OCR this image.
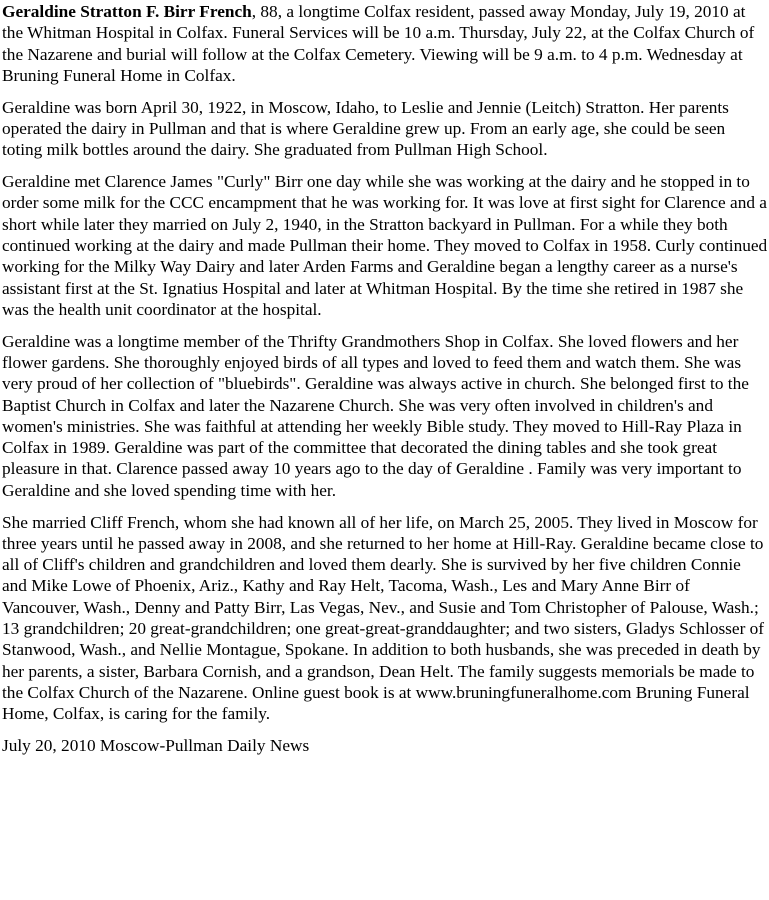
Geraldine Stratton F. Birr French, 88, a longtime Colfax resident, passed away Monday, July 19, 2010 at the Whitman Hospital in Colfax. Funeral Services will be 10 a.m. Thursday, July 22, at the Colfax Church of the Nazarene and burial will follow at the Colfax Cemetery. Viewing will be 9 a.m. to 4 p.m. Wednesday at Bruning Funeral Home in Colfax.

Geraldine was born April 30, 1922, in Moscow, Idaho, to Leslie and Jennie (Leitch) Stratton. Her parents operated the dairy in Pullman and that is where Geraldine grew up. From an early age, she could be seen toting milk bottles around the dairy. She graduated from Pullman High School.

Geraldine met Clarence James "Curly" Birr one day while she was working at the dairy and he stopped in to order some milk for the CCC encampment that he was working for. It was love at first sight for Clarence and a short while later they married on July 2, 1940, in the Stratton backyard in Pullman. For a while they both continued working at the dairy and made Pullman their home. They moved to Colfax in 1958. Curly continued working for the Milky Way Dairy and later Arden Farms and Geraldine began a lengthy career as a nurse's assistant first at the St. Ignatius Hospital and later at Whitman Hospital. By the time she retired in 1987 she was the health unit coordinator at the hospital.

Geraldine was a longtime member of the Thrifty Grandmothers Shop in Colfax. She loved flowers and her flower gardens. She thoroughly enjoyed birds of all types and loved to feed them and watch them. She was very proud of her collection of "bluebirds". Geraldine was always active in church. She belonged first to the Baptist Church in Colfax and later the Nazarene Church. She was very often involved in children's and women's ministries. She was faithful at attending her weekly Bible study. They moved to Hill-Ray Plaza in Colfax in 1989. Geraldine was part of the committee that decorated the dining tables and she took great pleasure in that. Clarence passed away 10 years ago to the day of Geraldine . Family was very important to Geraldine and she loved spending time with her.

She married Cliff French, whom she had known all of her life, on March 25, 2005. They lived in Moscow for three years until he passed away in 2008, and she returned to her home at Hill-Ray. Geraldine became close to all of Cliff's children and grandchildren and loved them dearly. She is survived by her five children Connie and Mike Lowe of Phoenix, Ariz., Kathy and Ray Helt, Tacoma, Wash., Les and Mary Anne Birr of Vancouver, Wash., Denny and Patty Birr, Las Vegas, Nev., and Susie and Tom Christopher of Palouse, Wash.; 13 grandchildren; 20 great-grandchildren; one great-great-granddaughter; and two sisters, Gladys Schlosser of Stanwood, Wash., and Nellie Montague, Spokane. In addition to both husbands, she was preceded in death by her parents, a sister, Barbara Cornish, and a grandson, Dean Helt. The family suggests memorials be made to the Colfax Church of the Nazarene. Online guest book is at www.bruningfuneralhome.com Bruning Funeral Home, Colfax, is caring for the family.

July 20, 2010 Moscow-Pullman Daily News
